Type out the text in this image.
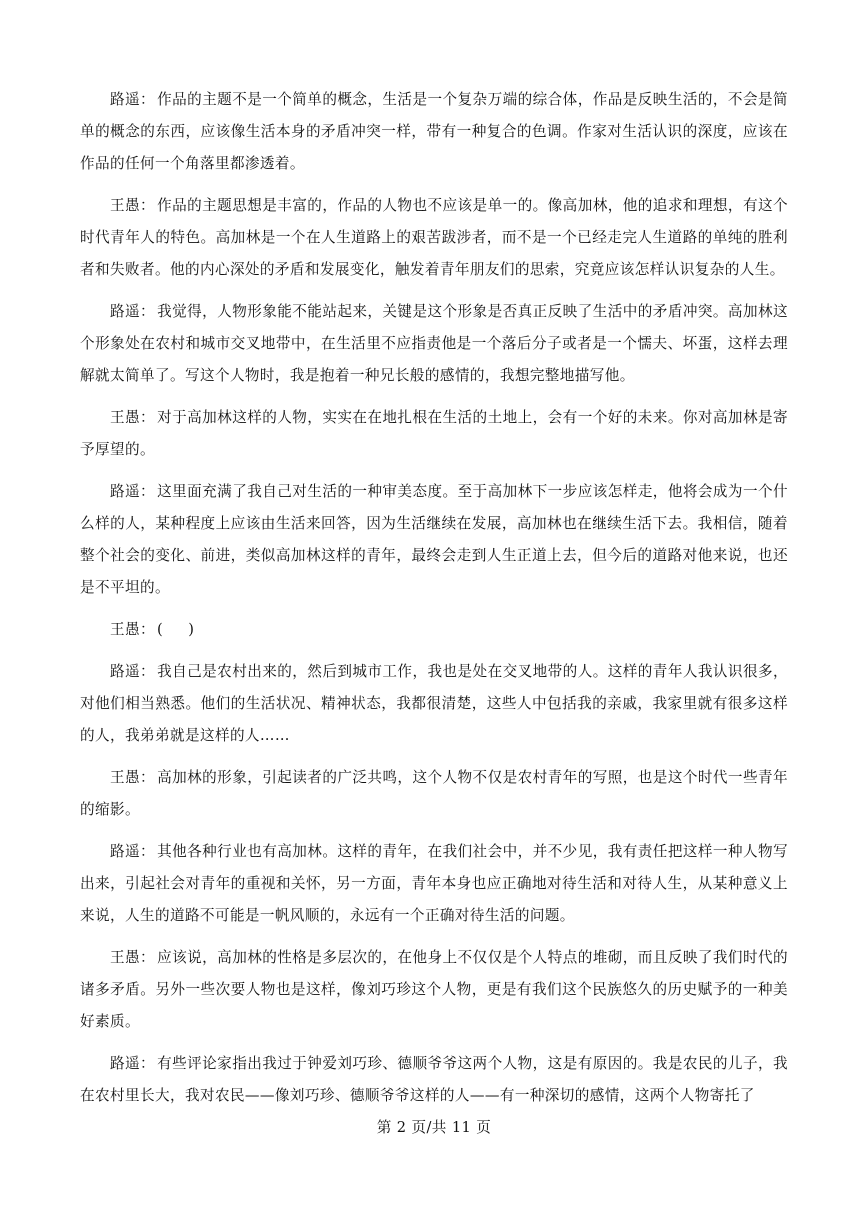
路遥： 作品的主题不是一个简单的概念，生活是一个复杂万端的综合体，作品是反映生活的，不会是简单的概念的东西，应该像生活本身的矛盾冲突一样，带有一种复合的色调。作家对生活认识的深度，应该在作品的任何一个角落里都渗透着。

王愚： 作品的主题思想是丰富的，作品的人物也不应该是单一的。像高加林，他的追求和理想，有这个时代青年人的特色。高加林是一个在人生道路上的艰苦跋涉者，而不是一个已经走完人生道路的单纯的胜利者和失败者。他的内心深处的矛盾和发展变化，触发着青年朋友们的思索，究竟应该怎样认识复杂的人生。

路遥： 我觉得，人物形象能不能站起来，关键是这个形象是否真正反映了生活中的矛盾冲突。高加林这个形象处在农村和城市交叉地带中，在生活里不应指责他是一个落后分子或者是一个懦夫、坏蛋，这样去理解就太简单了。写这个人物时，我是抱着一种兄长般的感情的，我想完整地描写他。

王愚： 对于高加林这样的人物，实实在在地扎根在生活的土地上，会有一个好的未来。你对高加林是寄予厚望的。

路遥： 这里面充满了我自己对生活的一种审美态度。至于高加林下一步应该怎样走，他将会成为一个什么样的人，某种程度上应该由生活来回答，因为生活继续在发展，高加林也在继续生活下去。我相信，随着整个社会的变化、前进，类似高加林这样的青年，最终会走到人生正道上去，但今后的道路对他来说，也还是不平坦的。

王愚： (     )

路遥： 我自己是农村出来的，然后到城市工作，我也是处在交叉地带的人。这样的青年人我认识很多，对他们相当熟悉。他们的生活状况、精神状态，我都很清楚，这些人中包括我的亲戚，我家里就有很多这样的人，我弟弟就是这样的人……

王愚： 高加林的形象，引起读者的广泛共鸣，这个人物不仅是农村青年的写照，也是这个时代一些青年的缩影。

路遥： 其他各种行业也有高加林。这样的青年，在我们社会中，并不少见，我有责任把这样一种人物写出来，引起社会对青年的重视和关怀，另一方面，青年本身也应正确地对待生活和对待人生，从某种意义上来说，人生的道路不可能是一帆风顺的，永远有一个正确对待生活的问题。

王愚： 应该说，高加林的性格是多层次的，在他身上不仅仅是个人特点的堆砌，而且反映了我们时代的诸多矛盾。另外一些次要人物也是这样，像刘巧珍这个人物，更是有我们这个民族悠久的历史赋予的一种美好素质。

路遥： 有些评论家指出我过于钟爱刘巧珍、德顺爷爷这两个人物，这是有原因的。我是农民的儿子，我在农村里长大，我对农民——像刘巧珍、德顺爷爷这样的人——有一种深切的感情，这两个人物寄托了

第 2 页/共 11 页
